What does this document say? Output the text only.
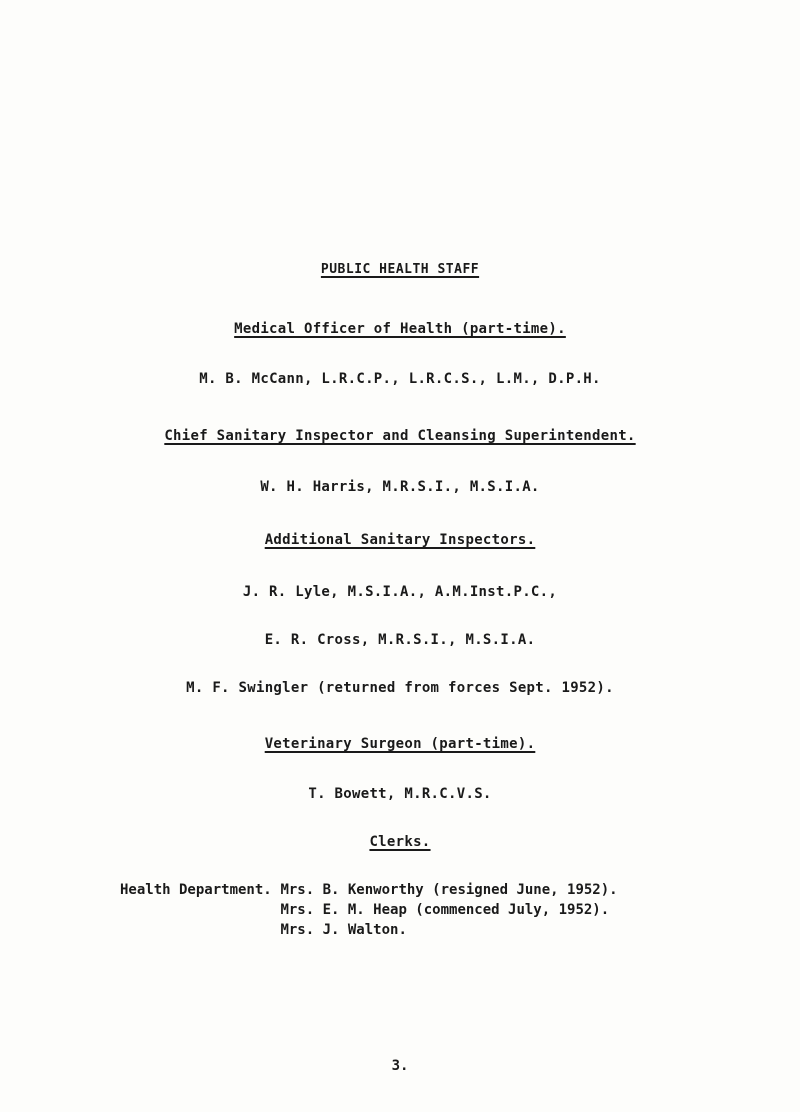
PUBLIC HEALTH STAFF
Medical Officer of Health (part-time).
M. B. McCann, L.R.C.P., L.R.C.S., L.M., D.P.H.
Chief Sanitary Inspector and Cleansing Superintendent.
W. H. Harris, M.R.S.I., M.S.I.A.
Additional Sanitary Inspectors.
J. R. Lyle, M.S.I.A., A.M.Inst.P.C.,
E. R. Cross, M.R.S.I., M.S.I.A.
M. F. Swingler (returned from forces Sept. 1952).
Veterinary Surgeon (part-time).
T. Bowett, M.R.C.V.S.
Clerks.
Health Department. Mrs. B. Kenworthy (resigned June, 1952).
Mrs. E. M. Heap (commenced July, 1952).
Mrs. J. Walton.
3.
